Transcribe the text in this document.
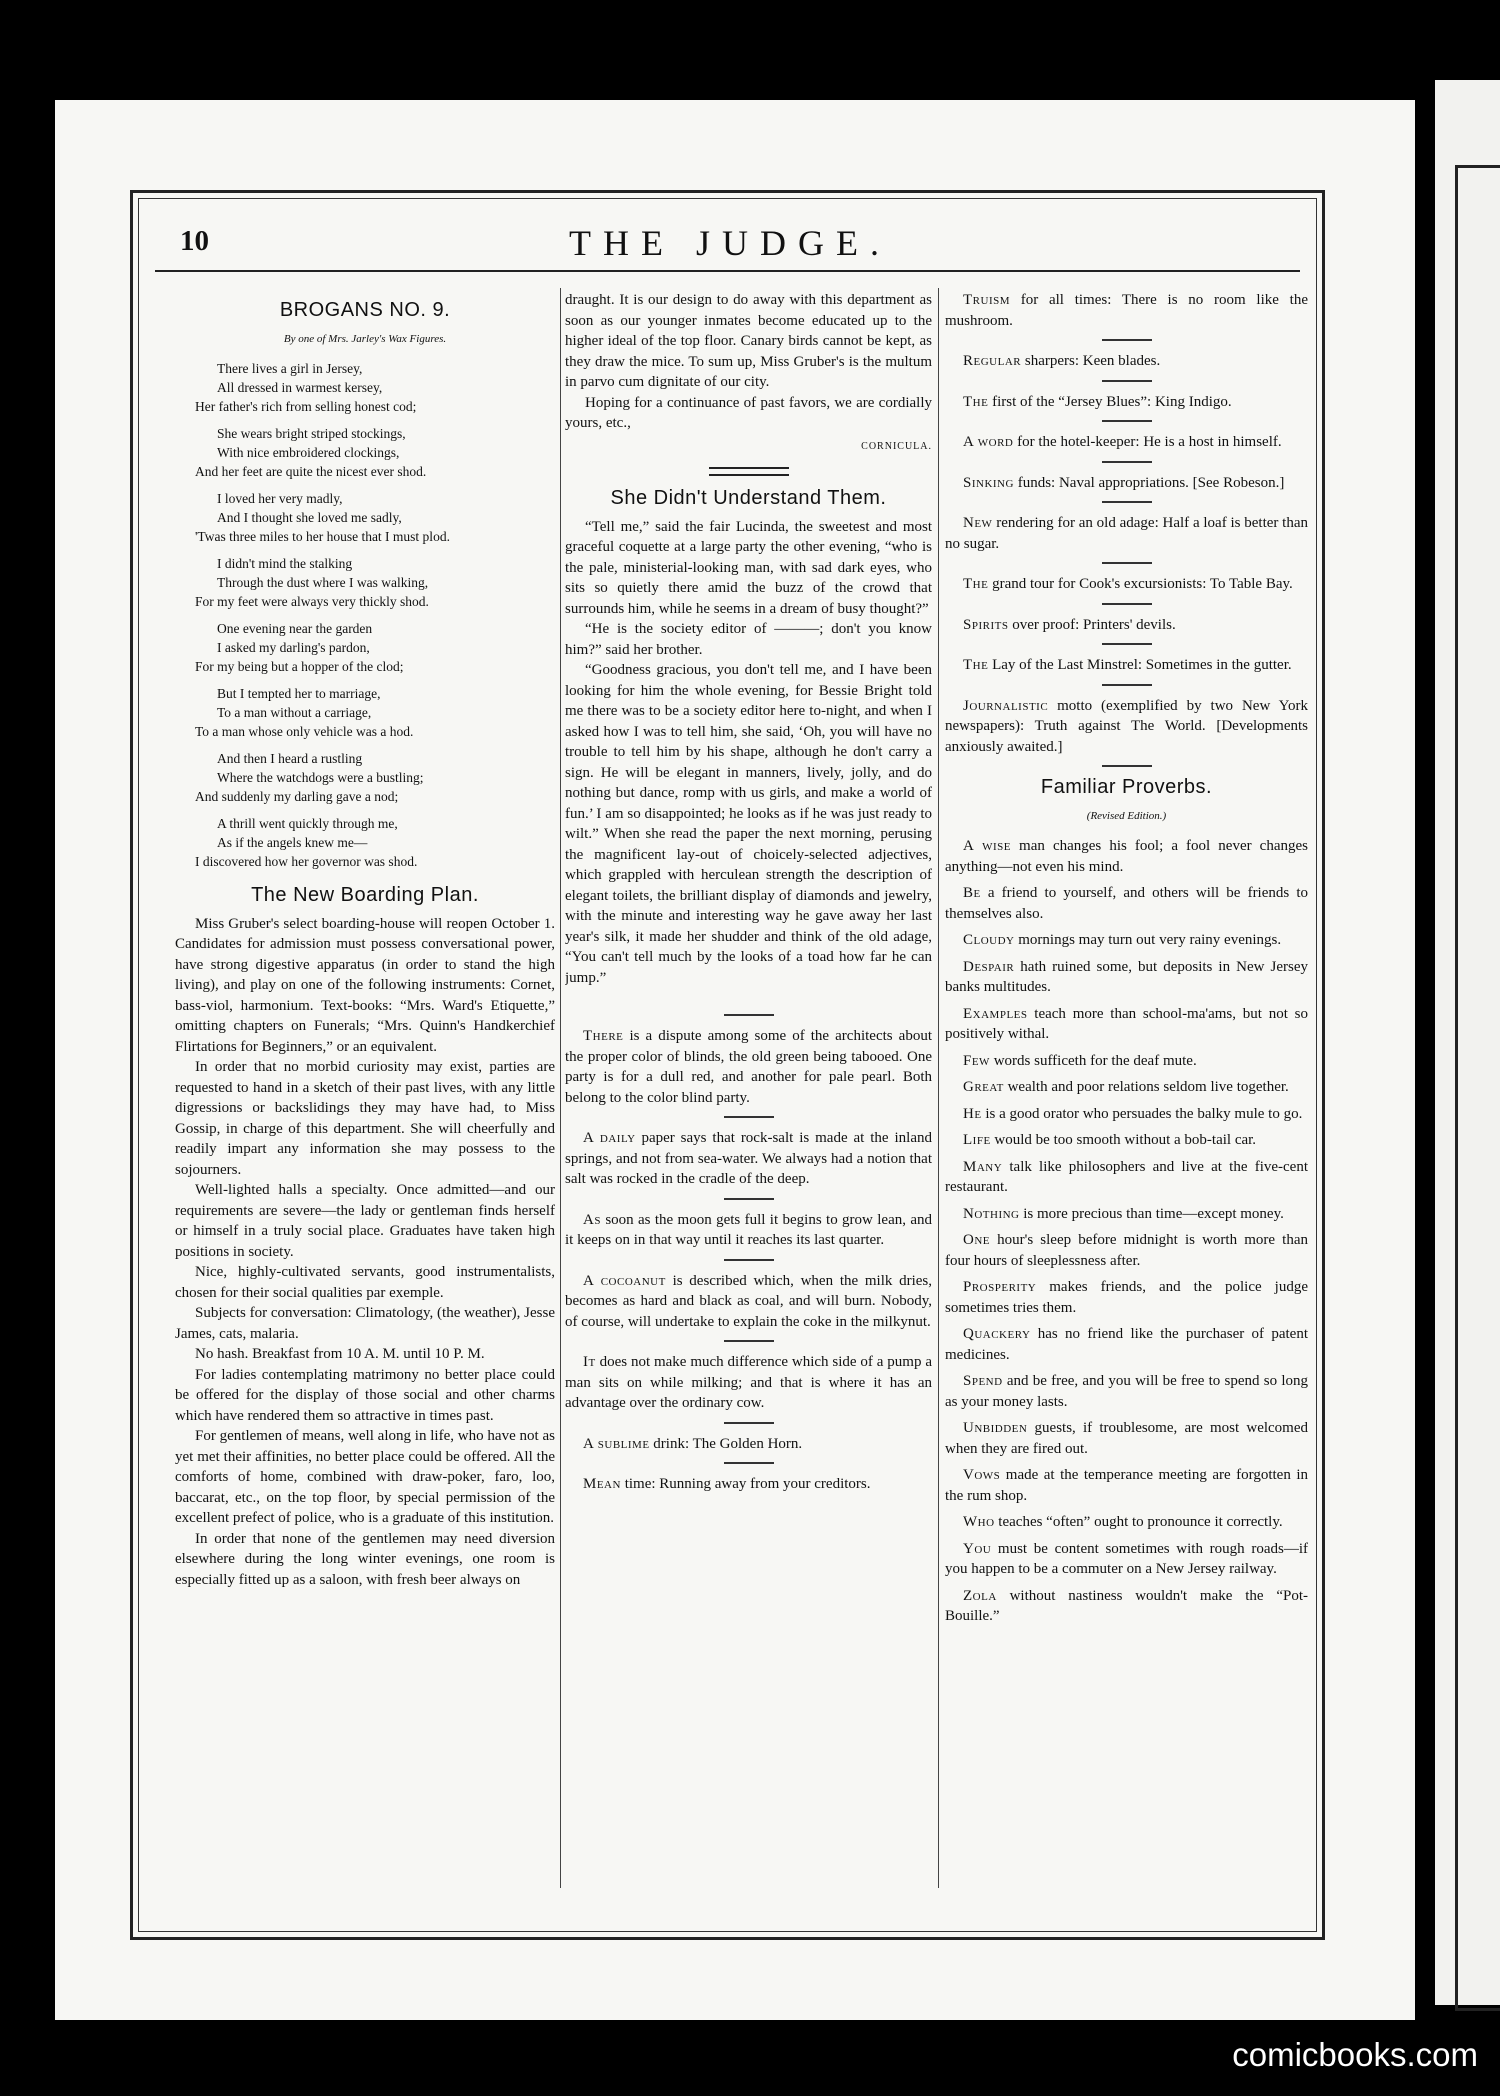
10	THE JUDGE.
BROGANS NO. 9.
By one of Mrs. Jarley's Wax Figures.
There lives a girl in Jersey,
All dressed in warmest kersey,
Her father's rich from selling honest cod;
She wears bright striped stockings,
With nice embroidered clockings,
And her feet are quite the nicest ever shod.
I loved her very madly,
And I thought she loved me sadly,
'Twas three miles to her house that I must plod.
I didn't mind the stalking
Through the dust where I was walking,
For my feet were always very thickly shod.
One evening near the garden
I asked my darling's pardon,
For my being but a hopper of the clod;
But I tempted her to marriage,
To a man without a carriage,
To a man whose only vehicle was a hod.
And then I heard a rustling
Where the watchdogs were a bustling;
And suddenly my darling gave a nod;
A thrill went quickly through me,
As if the angels knew me—
I discovered how her governor was shod.
The New Boarding Plan.

Miss Gruber's select boarding-house will reopen October 1. Candidates for admission must possess conversational power, have strong digestive apparatus (in order to stand the high living), and play on one of the following instruments: Cornet, bass-viol, harmonium. Text-books: “Mrs. Ward's Etiquette,” omitting chapters on Funerals; “Mrs. Quinn's Handkerchief Flirtations for Beginners,” or an equivalent.

In order that no morbid curiosity may exist, parties are requested to hand in a sketch of their past lives, with any little digressions or backslidings they may have had, to Miss Gossip, in charge of this department. She will cheerfully and readily impart any information she may possess to the sojourners.

Well-lighted halls a specialty. Once admitted—and our requirements are severe—the lady or gentleman finds herself or himself in a truly social place. Graduates have taken high positions in society.

Nice, highly-cultivated servants, good instrumentalists, chosen for their social qualities par exemple.

Subjects for conversation: Climatology, (the weather), Jesse James, cats, malaria.

No hash. Breakfast from 10 A. M. until 10 P. M.

For ladies contemplating matrimony no better place could be offered for the display of those social and other charms which have rendered them so attractive in times past.

For gentlemen of means, well along in life, who have not as yet met their affinities, no better place could be offered. All the comforts of home, combined with draw-poker, faro, loo, baccarat, etc., on the top floor, by special permission of the excellent prefect of police, who is a graduate of this institution.

In order that none of the gentlemen may need diversion elsewhere during the long winter evenings, one room is especially fitted up as a saloon, with fresh beer always on

draught. It is our design to do away with this department as soon as our younger inmates become educated up to the higher ideal of the top floor. Canary birds cannot be kept, as they draw the mice. To sum up, Miss Gruber's is the multum in parvo cum dignitate of our city.

Hoping for a continuance of past favors, we are cordially yours, etc.,

CORNICULA.
She Didn't Understand Them.

“Tell me,” said the fair Lucinda, the sweetest and most graceful coquette at a large party the other evening, “who is the pale, ministerial-looking man, with sad dark eyes, who sits so quietly there amid the buzz of the crowd that surrounds him, while he seems in a dream of busy thought?”

“He is the society editor of ———; don't you know him?” said her brother.

“Goodness gracious, you don't tell me, and I have been looking for him the whole evening, for Bessie Bright told me there was to be a society editor here to-night, and when I asked how I was to tell him, she said, ‘Oh, you will have no trouble to tell him by his shape, although he don't carry a sign. He will be elegant in manners, lively, jolly, and do nothing but dance, romp with us girls, and make a world of fun.’ I am so disappointed; he looks as if he was just ready to wilt.” When she read the paper the next morning, perusing the magnificent lay-out of choicely-selected adjectives, which grappled with herculean strength the description of elegant toilets, the brilliant display of diamonds and jewelry, with the minute and interesting way he gave away her last year's silk, it made her shudder and think of the old adage, “You can't tell much by the looks of a toad how far he can jump.”

There is a dispute among some of the architects about the proper color of blinds, the old green being tabooed. One party is for a dull red, and another for pale pearl. Both belong to the color blind party.

A daily paper says that rock-salt is made at the inland springs, and not from sea-water. We always had a notion that salt was rocked in the cradle of the deep.

As soon as the moon gets full it begins to grow lean, and it keeps on in that way until it reaches its last quarter.

A cocoanut is described which, when the milk dries, becomes as hard and black as coal, and will burn. Nobody, of course, will undertake to explain the coke in the milkynut.

It does not make much difference which side of a pump a man sits on while milking; and that is where it has an advantage over the ordinary cow.

A sublime drink: The Golden Horn.

Mean time: Running away from your creditors.

Truism for all times: There is no room like the mushroom.

Regular sharpers: Keen blades.

The first of the “Jersey Blues”: King Indigo.

A word for the hotel-keeper: He is a host in himself.

Sinking funds: Naval appropriations. [See Robeson.]

New rendering for an old adage: Half a loaf is better than no sugar.

The grand tour for Cook's excursionists: To Table Bay.

Spirits over proof: Printers' devils.

The Lay of the Last Minstrel: Sometimes in the gutter.

Journalistic motto (exemplified by two New York newspapers): Truth against The World. [Developments anxiously awaited.]

Familiar Proverbs.
(Revised Edition.)

A wise man changes his fool; a fool never changes anything—not even his mind.

Be a friend to yourself, and others will be friends to themselves also.

Cloudy mornings may turn out very rainy evenings.

Despair hath ruined some, but deposits in New Jersey banks multitudes.

Examples teach more than school-ma'ams, but not so positively withal.

Few words sufficeth for the deaf mute.

Great wealth and poor relations seldom live together.

He is a good orator who persuades the balky mule to go.

Life would be too smooth without a bob-tail car.

Many talk like philosophers and live at the five-cent restaurant.

Nothing is more precious than time—except money.

One hour's sleep before midnight is worth more than four hours of sleeplessness after.

Prosperity makes friends, and the police judge sometimes tries them.

Quackery has no friend like the purchaser of patent medicines.

Spend and be free, and you will be free to spend so long as your money lasts.

Unbidden guests, if troublesome, are most welcomed when they are fired out.

Vows made at the temperance meeting are forgotten in the rum shop.

Who teaches “often” ought to pronounce it correctly.

You must be content sometimes with rough roads—if you happen to be a commuter on a New Jersey railway.

Zola without nastiness wouldn't make the “Pot-Bouille.”

comicbooks.com
